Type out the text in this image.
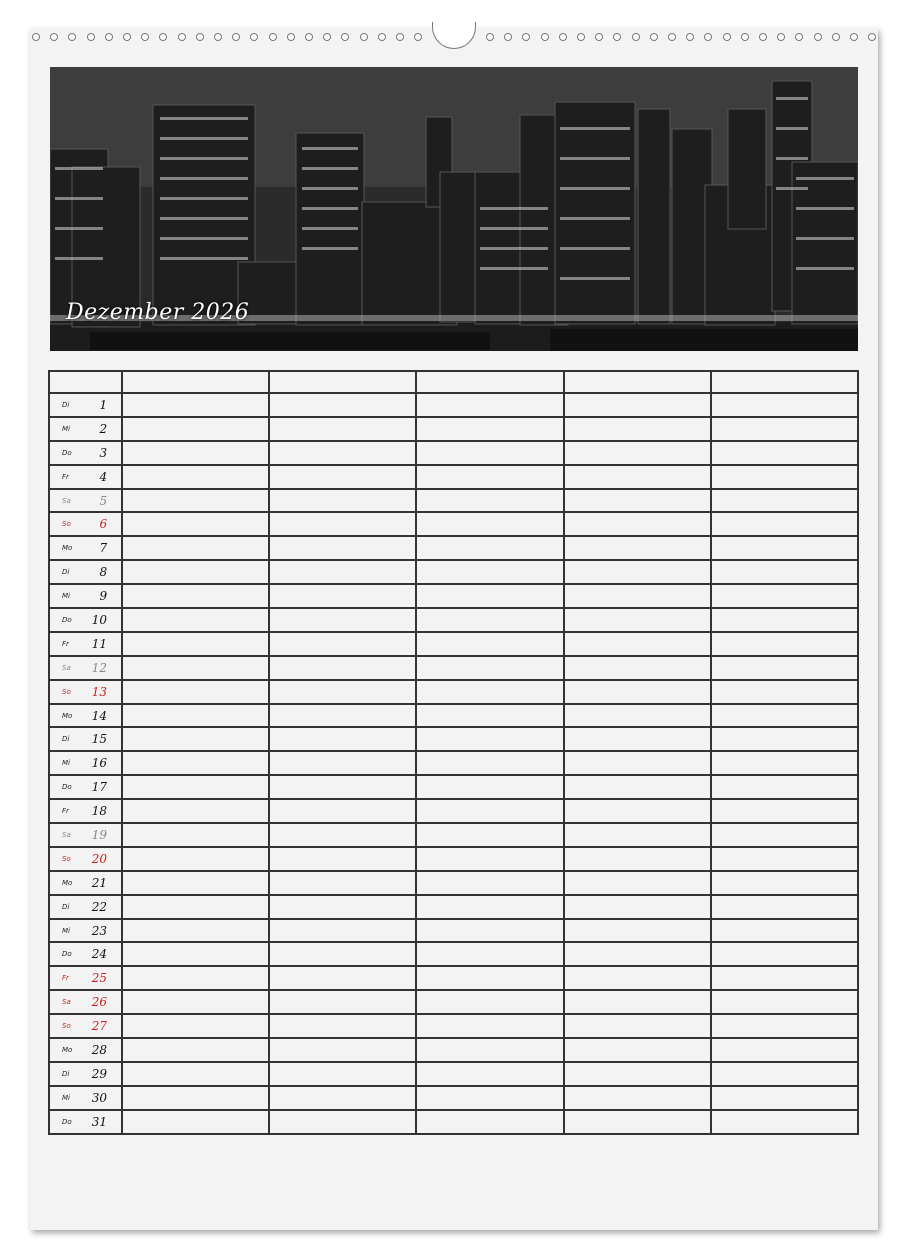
Dezember 2026

Di 1					

Mi 2					

Do 3					

Fr 4					

Sa 5					

So 6					

Mo 7					

Di 8					

Mi 9					

Do 10					

Fr 11					

Sa 12					

So 13					

Mo 14					

Di 15					

Mi 16					

Do 17					

Fr 18					

Sa 19					

So 20					

Mo 21					

Di 22					

Mi 23					

Do 24					

Fr 25					

Sa 26					

So 27					

Mo 28					

Di 29					

Mi 30					

Do 31					
